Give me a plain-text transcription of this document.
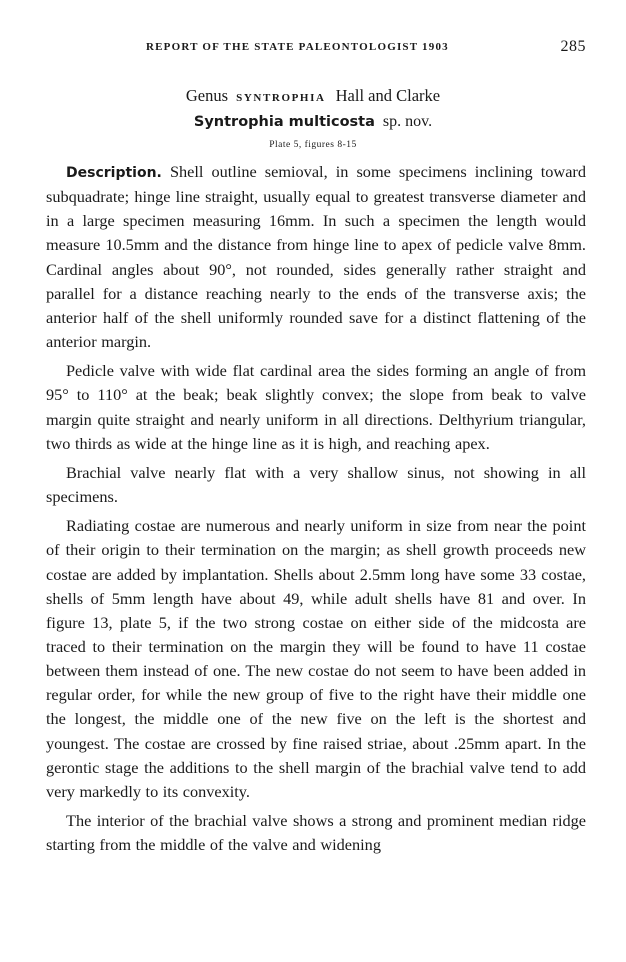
REPORT OF THE STATE PALEONTOLOGIST 1903	285
Genus SYNTROPHIA Hall and Clarke
Syntrophia multicosta sp. nov.
Plate 5, figures 8-15

Description. Shell outline semioval, in some specimens inclining toward subquadrate; hinge line straight, usually equal to greatest transverse diameter and in a large specimen measuring 16mm. In such a specimen the length would measure 10.5mm and the distance from hinge line to apex of pedicle valve 8mm. Cardinal angles about 90°, not rounded, sides generally rather straight and parallel for a distance reaching nearly to the ends of the transverse axis; the anterior half of the shell uniformly rounded save for a distinct flattening of the anterior margin.

Pedicle valve with wide flat cardinal area the sides forming an angle of from 95° to 110° at the beak; beak slightly convex; the slope from beak to valve margin quite straight and nearly uniform in all directions. Delthyrium triangular, two thirds as wide at the hinge line as it is high, and reaching apex.

Brachial valve nearly flat with a very shallow sinus, not showing in all specimens.

Radiating costae are numerous and nearly uniform in size from near the point of their origin to their termination on the margin; as shell growth proceeds new costae are added by implantation. Shells about 2.5mm long have some 33 costae, shells of 5mm length have about 49, while adult shells have 81 and over. In figure 13, plate 5, if the two strong costae on either side of the midcosta are traced to their termination on the margin they will be found to have 11 costae between them instead of one. The new costae do not seem to have been added in regular order, for while the new group of five to the right have their middle one the longest, the middle one of the new five on the left is the shortest and youngest. The costae are crossed by fine raised striae, about .25mm apart. In the gerontic stage the additions to the shell margin of the brachial valve tend to add very markedly to its convexity.

The interior of the brachial valve shows a strong and prominent median ridge starting from the middle of the valve and widening
